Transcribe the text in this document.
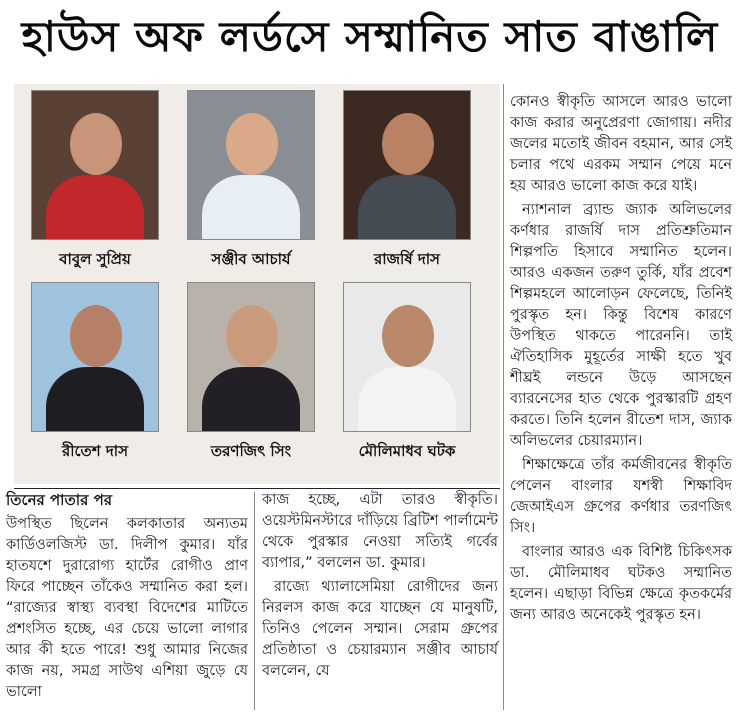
হাউস অফ লর্ডসে সম্মানিত সাত বাঙালি
বাবুল সুপ্রিয়	সঞ্জীব আচার্য	রাজর্ষি দাস
রীতেশ দাস	তরণজিৎ সিং	মৌলিমাধব ঘটক

তিনের পাতার পর

উপস্থিত ছিলেন কলকাতার অন্যতম কার্ডিওলজিস্ট ডা. দিলীপ কুমার। যাঁর হাতযশে দুরারোগ্য হার্টের রোগীও প্রাণ ফিরে পাচ্ছেন তাঁকেও সম্মানিত করা হল। “রাজ্যের স্বাস্থ্য ব্যবস্থা বিদেশের মাটিতে প্রশংসিত হচ্ছে, এর চেয়ে ভালো লাগার আর কী হতে পারে! শুধু আমার নিজের কাজ নয়, সমগ্র সাউথ এশিয়া জুড়ে যে ভালো

কাজ হচ্ছে, এটা তারও স্বীকৃতি। ওয়েস্টমিনস্টারে দাঁড়িয়ে ব্রিটিশ পার্লামেন্ট থেকে পুরস্কার নেওয়া সত্যিই গর্বের ব্যাপার,” বললেন ডা. কুমার।

রাজ্যে থ্যালাসেমিয়া রোগীদের জন্য নিরলস কাজ করে যাচ্ছেন যে মানুষটি, তিনিও পেলেন সম্মান। সেরাম গ্রুপের প্রতিষ্ঠাতা ও চেয়ারম্যান সঞ্জীব আচার্য বললেন, যে

কোনও স্বীকৃতি আসলে আরও ভালো কাজ করার অনুপ্রেরণা জোগায়। নদীর জলের মতোই জীবন বহমান, আর সেই চলার পথে এরকম সম্মান পেয়ে মনে হয় আরও ভালো কাজ করে যাই।

ন্যাশনাল ব্র্যান্ড জ্যাক অলিভলের কর্ণধার রাজর্ষি দাস প্রতিশ্রুতিমান শিল্পপতি হিসাবে সম্মানিত হলেন। আরও একজন তরুণ তুর্কি, যাঁর প্রবেশ শিল্পমহলে আলোড়ন ফেলেছে, তিনিই পুরস্কৃত হন। কিন্তু বিশেষ কারণে উপস্থিত থাকতে পারেননি। তাই ঐতিহাসিক মুহূর্তের সাক্ষী হতে খুব শীঘ্রই লন্ডনে উড়ে আসছেন ব্যারনেসের হাত থেকে পুরস্কারটি গ্রহণ করতে। তিনি হলেন রীতেশ দাস, জ্যাক অলিভলের চেয়ারম্যান।

শিক্ষাক্ষেত্রে তাঁর কর্মজীবনের স্বীকৃতি পেলেন বাংলার যশস্বী শিক্ষাবিদ জেআইএস গ্রুপের কর্ণধার তরণজিৎ সিং।

বাংলার আরও এক বিশিষ্ট চিকিৎসক ডা. মৌলিমাধব ঘটকও সম্মানিত হলেন। এছাড়া বিভিন্ন ক্ষেত্রে কৃতকর্মের জন্য আরও অনেকেই পুরস্কৃত হন।
